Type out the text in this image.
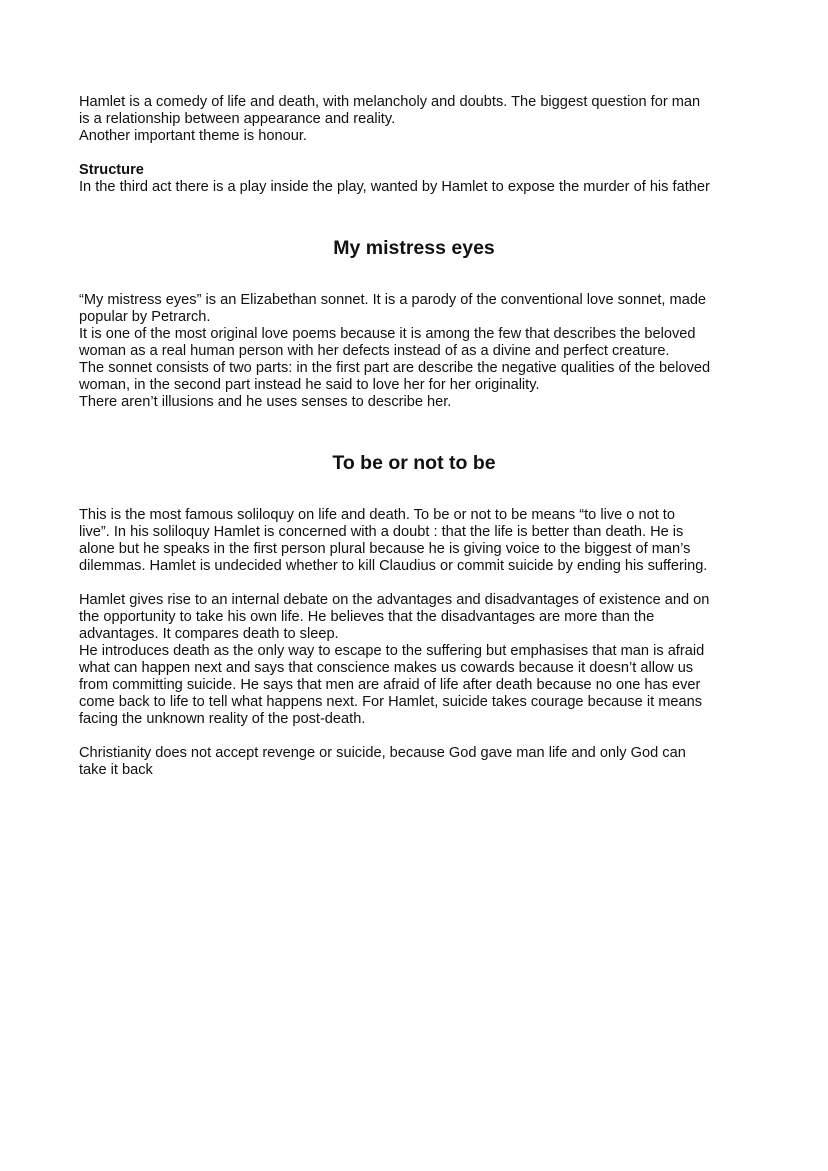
Hamlet is a comedy of life and death, with melancholy and doubts. The biggest question for man
is a relationship between appearance and reality.
Another important theme is honour.

Structure

In the third act there is a play inside the play, wanted by Hamlet to expose the murder of his father

My mistress eyes

“My mistress eyes” is an Elizabethan sonnet. It is a parody of the conventional love sonnet, made
popular by Petrarch.
It is one of the most original love poems because it is among the few that describes the beloved
woman as a real human person with her defects instead of as a divine and perfect creature.
The sonnet consists of two parts: in the first part are describe the negative qualities of the beloved
woman, in the second part instead he said to love her for her originality.
There aren’t illusions and he uses senses to describe her.

To be or not to be

This is the most famous soliloquy on life and death. To be or not to be means “to live o not to
live”. In his soliloquy Hamlet is concerned with a doubt : that the life is better than death. He is
alone but he speaks in the first person plural because he is giving voice to the biggest of man’s
dilemmas. Hamlet is undecided whether to kill Claudius or commit suicide by ending his suffering.

Hamlet gives rise to an internal debate on the advantages and disadvantages of existence and on
the opportunity to take his own life. He believes that the disadvantages are more than the
advantages. It compares death to sleep.
He introduces death as the only way to escape to the suffering but emphasises that man is afraid
what can happen next and says that conscience makes us cowards because it doesn’t allow us
from committing suicide. He says that men are afraid of life after death because no one has ever
come back to life to tell what happens next. For Hamlet, suicide takes courage because it means
facing the unknown reality of the post-death.

Christianity does not accept revenge or suicide, because God gave man life and only God can
take it back
